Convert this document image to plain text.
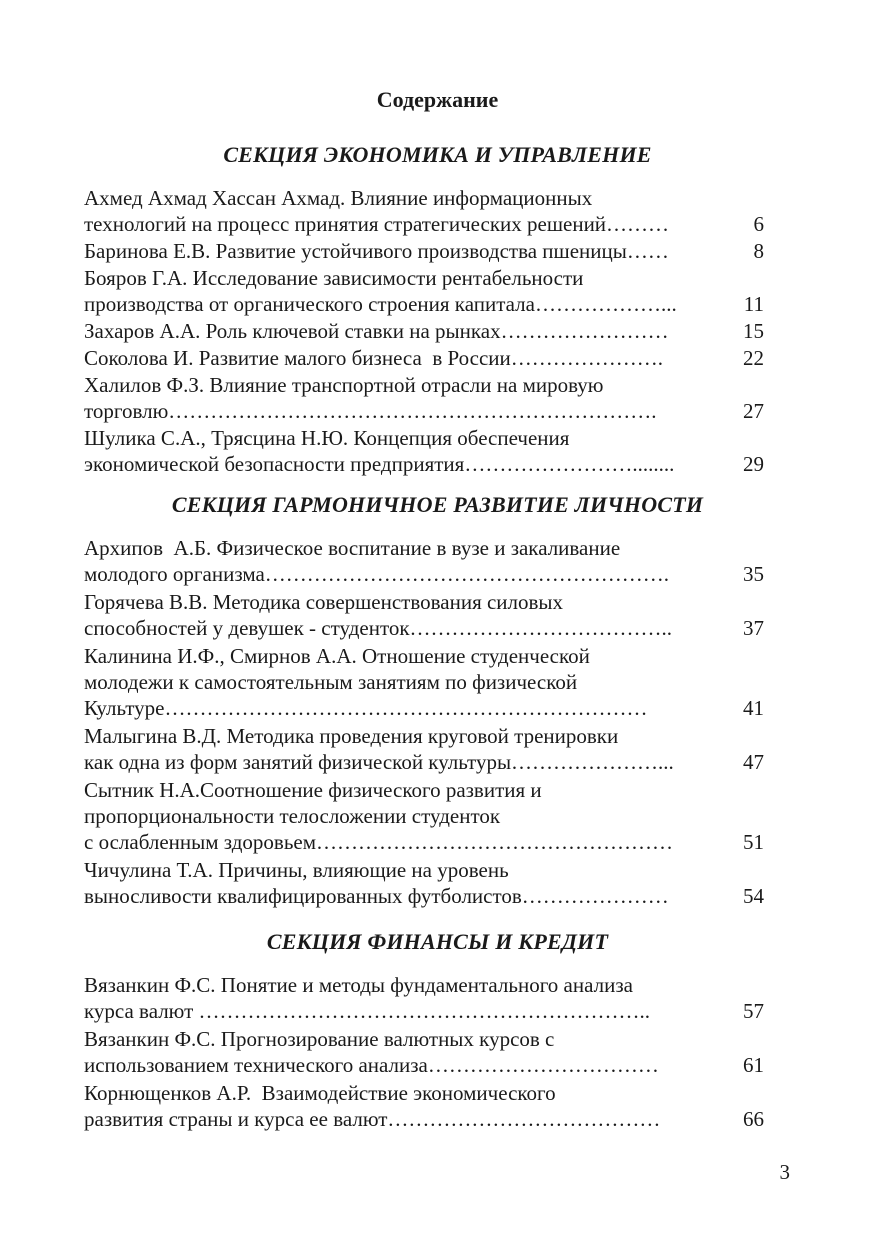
Содержание
СЕКЦИЯ ЭКОНОМИКА И УПРАВЛЕНИЕ
Ахмед Ахмад Хассан Ахмад. Влияние информационных
технологий на процесс принятия стратегических решений………	6
Баринова Е.В. Развитие устойчивого производства пшеницы……	8
Бояров Г.А. Исследование зависимости рентабельности
производства от органического строения капитала………………...	11
Захаров А.А. Роль ключевой ставки на рынках……………………	15
Соколова И. Развитие малого бизнеса  в России………………….	22
Халилов Ф.З. Влияние транспортной отрасли на мировую
торговлю…………………………………………………………….	27
Шулика С.А., Трясцина Н.Ю. Концепция обеспечения
экономической безопасности предприятия……………………........	29
СЕКЦИЯ ГАРМОНИЧНОЕ РАЗВИТИЕ ЛИЧНОСТИ
Архипов  А.Б. Физическое воспитание в вузе и закаливание
молодого организма………………………………………………….	35
Горячева В.В. Методика совершенствования силовых
способностей у девушек - студенток………………………………..	37
Калинина И.Ф., Смирнов А.А. Отношение студенческой
молодежи к самостоятельным занятиям по физической
Культуре……………………………………………………………	41
Малыгина В.Д. Методика проведения круговой тренировки
как одна из форм занятий физической культуры…………………...	47
Сытник Н.А.Соотношение физического развития и
пропорциональности телосложении студенток
с ослабленным здоровьем……………………………………………	51
Чичулина Т.А. Причины, влияющие на уровень
выносливости квалифицированных футболистов…………………	54
СЕКЦИЯ ФИНАНСЫ И КРЕДИТ
Вязанкин Ф.С. Понятие и методы фундаментального анализа
курса валют ………………………………………………………..	57
Вязанкин Ф.С. Прогнозирование валютных курсов с
использованием технического анализа……………………………	61
Корнющенков А.Р.  Взаимодействие экономического
развития страны и курса ее валют…………………………………	66
3
